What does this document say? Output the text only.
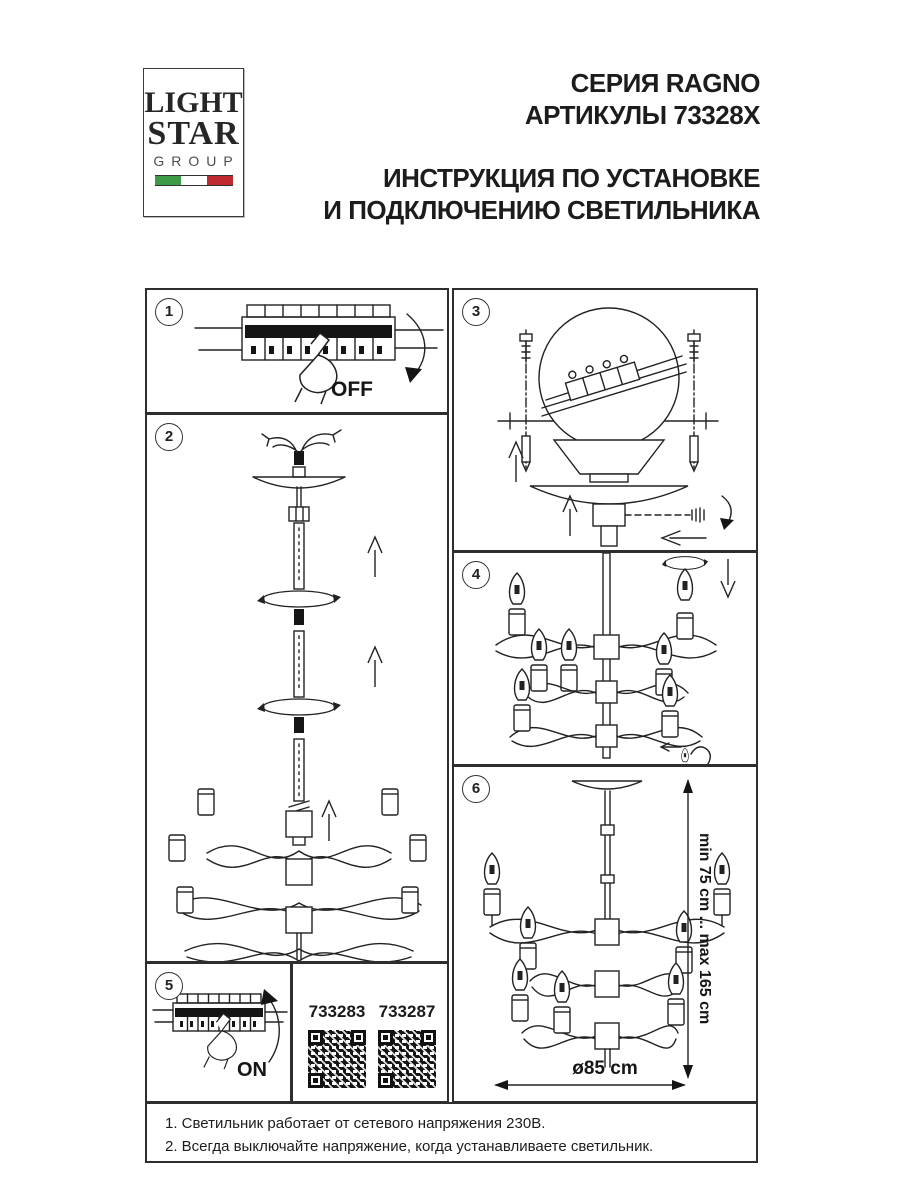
LIGHT
STAR
GROUP
СЕРИЯ RAGNO
АРТИКУЛЫ 73328X
ИНСТРУКЦИЯ ПО УСТАНОВКЕ
И ПОДКЛЮЧЕНИЮ СВЕТИЛЬНИКА
1
OFF
2
3
4
5
ON
733283 733287
6
min 75 cm ... max 165 cm
ø85 cm
1. Светильник работает от сетевого напряжения 230В.
2. Всегда выключайте напряжение, когда устанавливаете светильник.
